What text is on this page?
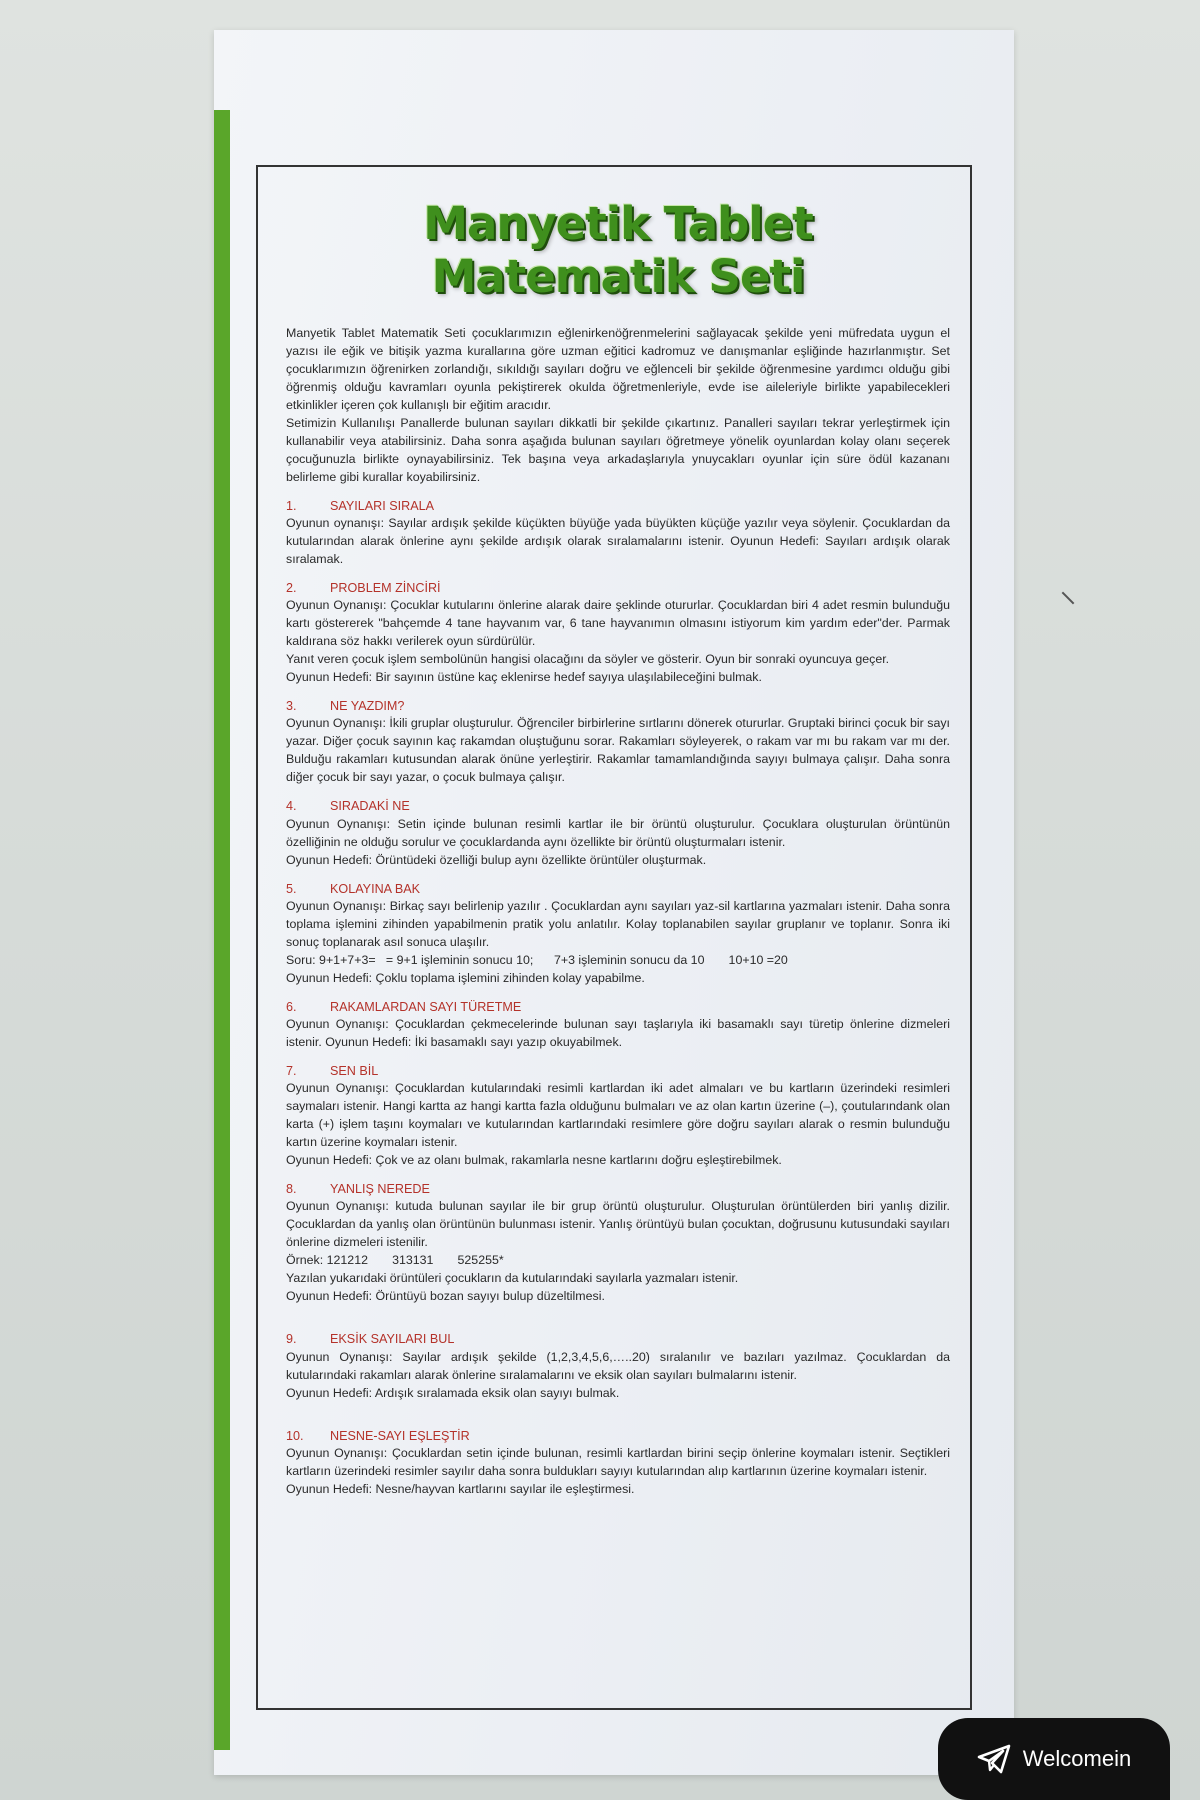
Manyetik Tablet Matematik Seti

Manyetik Tablet Matematik Seti çocuklarımızın eğlenirkenöğrenmelerini sağlayacak şekilde yeni müfredata uygun el yazısı ile eğik ve bitişik yazma kurallarına göre uzman eğitici kadromuz ve danışmanlar eşliğinde hazırlanmıştır. Set çocuklarımızın öğrenirken zorlandığı, sıkıldığı sayıları doğru ve eğlenceli bir şekilde öğrenmesine yardımcı olduğu gibi öğrenmiş olduğu kavramları oyunla pekiştirerek okulda öğretmenleriyle, evde ise aileleriyle birlikte yapabilecekleri etkinlikler içeren çok kullanışlı bir eğitim aracıdır.

Setimizin Kullanılışı Panallerde bulunan sayıları dikkatli bir şekilde çıkartınız. Panalleri sayıları tekrar yerleştirmek için kullanabilir veya atabilirsiniz. Daha sonra aşağıda bulunan sayıları öğretmeye yönelik oyunlardan kolay olanı seçerek çocuğunuzla birlikte oynayabilirsiniz. Tek başına veya arkadaşlarıyla ynuycakları oyunlar için süre ödül kazananı belirleme gibi kurallar koyabilirsiniz.

1.	SAYILARI SIRALA

Oyunun oynanışı: Sayılar ardışık şekilde küçükten büyüğe yada büyükten küçüğe yazılır veya söylenir. Çocuklardan da kutularından alarak önlerine aynı şekilde ardışık olarak sıralamalarını istenir. Oyunun Hedefi: Sayıları ardışık olarak sıralamak.

2.	PROBLEM ZİNCİRİ

Oyunun Oynanışı: Çocuklar kutularını önlerine alarak daire şeklinde otururlar. Çocuklardan biri 4 adet resmin bulunduğu kartı göstererek "bahçemde 4 tane hayvanım var, 6 tane hayvanımın olmasını istiyorum kim yardım eder"der. Parmak kaldırana söz hakkı verilerek oyun sürdürülür.

Yanıt veren çocuk işlem sembolünün hangisi olacağını da söyler ve gösterir. Oyun bir sonraki oyuncuya geçer.

Oyunun Hedefi: Bir sayının üstüne kaç eklenirse hedef sayıya ulaşılabileceğini bulmak.

3.	NE YAZDIM?

Oyunun Oynanışı: İkili gruplar oluşturulur. Öğrenciler birbirlerine sırtlarını dönerek otururlar. Gruptaki birinci çocuk bir sayı yazar. Diğer çocuk sayının kaç rakamdan oluştuğunu sorar. Rakamları söyleyerek, o rakam var mı bu rakam var mı der. Bulduğu rakamları kutusundan alarak önüne yerleştirir. Rakamlar tamamlandığında sayıyı bulmaya çalışır. Daha sonra diğer çocuk bir sayı yazar, o çocuk bulmaya çalışır.

4.	SIRADAKİ NE

Oyunun Oynanışı: Setin içinde bulunan resimli kartlar ile bir örüntü oluşturulur. Çocuklara oluşturulan örüntünün özelliğinin ne olduğu sorulur ve çocuklardanda aynı özellikte bir örüntü oluşturmaları istenir.

Oyunun Hedefi: Örüntüdeki özelliği bulup aynı özellikte örüntüler oluşturmak.

5.	KOLAYINA BAK

Oyunun Oynanışı: Birkaç sayı belirlenip yazılır . Çocuklardan aynı sayıları yaz-sil kartlarına yazmaları istenir. Daha sonra toplama işlemini zihinden yapabilmenin pratik yolu anlatılır. Kolay toplanabilen sayılar gruplanır ve toplanır. Sonra iki sonuç toplanarak asıl sonuca ulaşılır.

Soru: 9+1+7+3=   = 9+1 işleminin sonucu 10;      7+3 işleminin sonucu da 10       10+10 =20

Oyunun Hedefi: Çoklu toplama işlemini zihinden kolay yapabilme.

6.	RAKAMLARDAN SAYI TÜRETME

Oyunun Oynanışı: Çocuklardan çekmecelerinde bulunan sayı taşlarıyla iki basamaklı sayı türetip önlerine dizmeleri istenir. Oyunun Hedefi: İki basamaklı sayı yazıp okuyabilmek.

7.	SEN BİL

Oyunun Oynanışı: Çocuklardan kutularındaki resimli kartlardan iki adet almaları ve bu kartların üzerindeki resimleri saymaları istenir. Hangi kartta az hangi kartta fazla olduğunu bulmaları ve az olan kartın üzerine (–), çoutularındank olan karta (+) işlem taşını koymaları ve kutularından kartlarındaki resimlere göre doğru sayıları alarak o resmin bulunduğu kartın üzerine koymaları istenir.

Oyunun Hedefi: Çok ve az olanı bulmak, rakamlarla nesne kartlarını doğru eşleştirebilmek.

8.	YANLIŞ NEREDE

Oyunun Oynanışı: kutuda bulunan sayılar ile bir grup örüntü oluşturulur. Oluşturulan örüntülerden biri yanlış dizilir. Çocuklardan da yanlış olan örüntünün bulunması istenir. Yanlış örüntüyü bulan çocuktan, doğrusunu kutusundaki sayıları önlerine dizmeleri istenilir.

Örnek: 121212       313131       525255*

Yazılan yukarıdaki örüntüleri çocukların da kutularındaki sayılarla yazmaları istenir.

Oyunun Hedefi: Örüntüyü bozan sayıyı bulup düzeltilmesi.

9.	EKSİK SAYILARI BUL

Oyunun Oynanışı: Sayılar ardışık şekilde (1,2,3,4,5,6,…..20) sıralanılır ve bazıları yazılmaz. Çocuklardan da kutularındaki rakamları alarak önlerine sıralamalarını ve eksik olan sayıları bulmalarını istenir.

Oyunun Hedefi: Ardışık sıralamada eksik olan sayıyı bulmak.

10. NESNE-SAYI EŞLEŞTİR

Oyunun Oynanışı: Çocuklardan setin içinde bulunan, resimli kartlardan birini seçip önlerine koymaları istenir. Seçtikleri kartların üzerindeki resimler sayılır daha sonra buldukları sayıyı kutularından alıp kartlarının üzerine koymaları istenir.

Oyunun Hedefi: Nesne/hayvan kartlarını sayılar ile eşleştirmesi.

Welcomein
